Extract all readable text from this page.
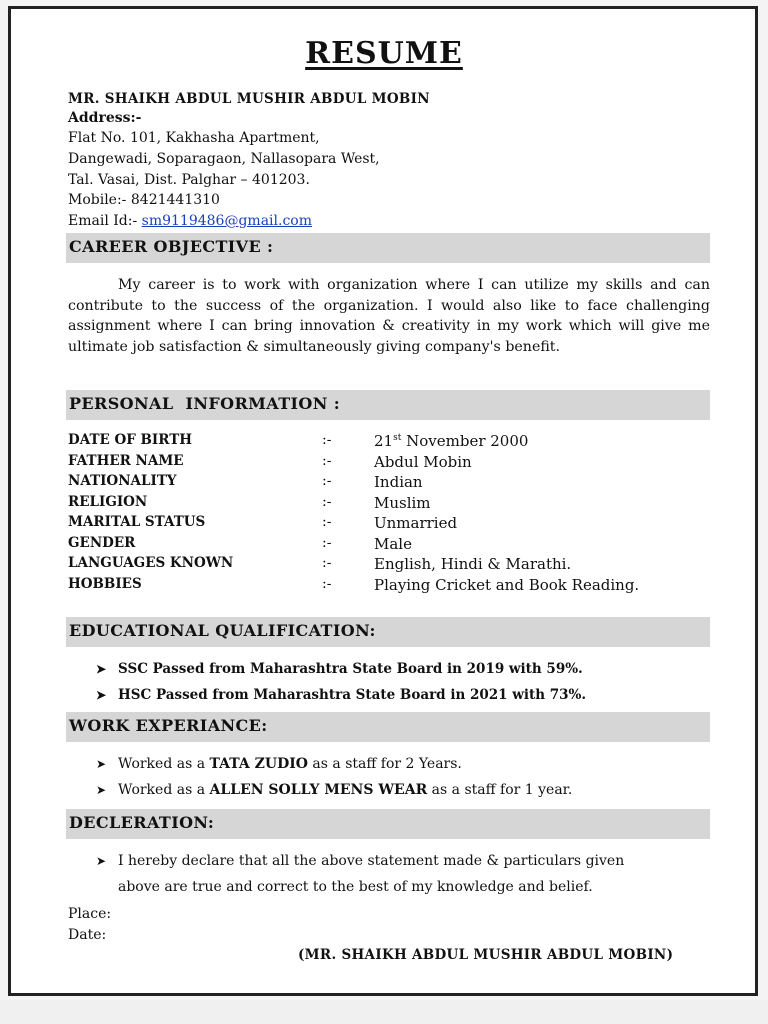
RESUME
MR. SHAIKH ABDUL MUSHIR ABDUL MOBIN
Address:-
Flat No. 101, Kakhasha Apartment,
Dangewadi, Soparagaon, Nallasopara West,
Tal. Vasai, Dist. Palghar – 401203.
Mobile:- 8421441310
Email Id:- sm9119486@gmail.com
CAREER OBJECTIVE :
My career is to work with organization where I can utilize my skills and can contribute to the success of the organization. I would also like to face challenging assignment where I can bring innovation & creativity in my work which will give me ultimate job satisfaction & simultaneously giving company's benefit.
PERSONAL  INFORMATION :
DATE OF BIRTH	:-	21st November 2000
FATHER NAME	:-	Abdul Mobin
NATIONALITY	:-	Indian
RELIGION	:-	Muslim
MARITAL STATUS	:-	Unmarried
GENDER	:-	Male
LANGUAGES KNOWN	:-	English, Hindi & Marathi.
HOBBIES	:-	Playing Cricket and Book Reading.
EDUCATIONAL QUALIFICATION:
➤ SSC Passed from Maharashtra State Board in 2019 with 59%.
➤ HSC Passed from Maharashtra State Board in 2021 with 73%.
WORK EXPERIANCE:
➤ Worked as a TATA ZUDIO as a staff for 2 Years.
➤ Worked as a ALLEN SOLLY MENS WEAR as a staff for 1 year.
DECLERATION:
➤ I hereby declare that all the above statement made & particulars given
above are true and correct to the best of my knowledge and belief.
Place:
Date:
(MR. SHAIKH ABDUL MUSHIR ABDUL MOBIN)
